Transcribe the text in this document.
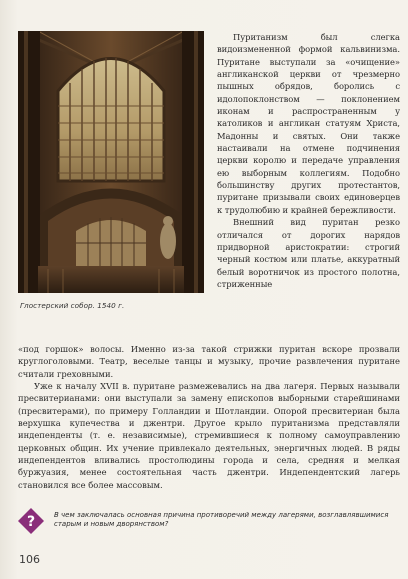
Глостерский собор. 1540 г.

Пуританизм был слегка видоизмененной формой кальвинизма. Пуритане выступали за «очищение» англиканской церкви от чрезмерно пышных обрядов, боролись с идолопоклонством — поклонением иконам и распространенным у католиков и англикан статуям Христа, Мадонны и святых. Они также настаивали на отмене подчинения церкви королю и передаче управления ею выборным коллегиям. Подобно большинству других протестантов, пуритане призывали своих единоверцев к трудолюбию и крайней бережливости.

Внешний вид пуритан резко отличался от дорогих нарядов придворной аристократии: строгий черный костюм или платье, аккуратный белый воротничок из простого полотна, стриженные

«под горшок» волосы. Именно из-за такой стрижки пуритан вскоре прозвали круглоголовыми. Театр, веселые танцы и музыку, прочие развлечения пуритане считали греховными.

Уже к началу XVII в. пуритане размежевались на два лагеря. Первых называли пресвитерианами: они выступали за замену епископов выборными старейшинами (пресвитерами), по примеру Голландии и Шотландии. Опорой пресвитериан была верхушка купечества и джентри. Другое крыло пуританизма представляли индепенденты (т. е. независимые), стремившиеся к полному самоуправлению церковных общин. Их учение привлекало деятельных, энергичных людей. В ряды индепендентов вливались простолюдины города и села, средняя и мелкая буржуазия, менее состоятельная часть джентри. Индепендентский лагерь становился все более массовым.

?	В чем заключалась основная причина противоречий между лагерями, возглавлявшимися старым и новым дворянством?
106
